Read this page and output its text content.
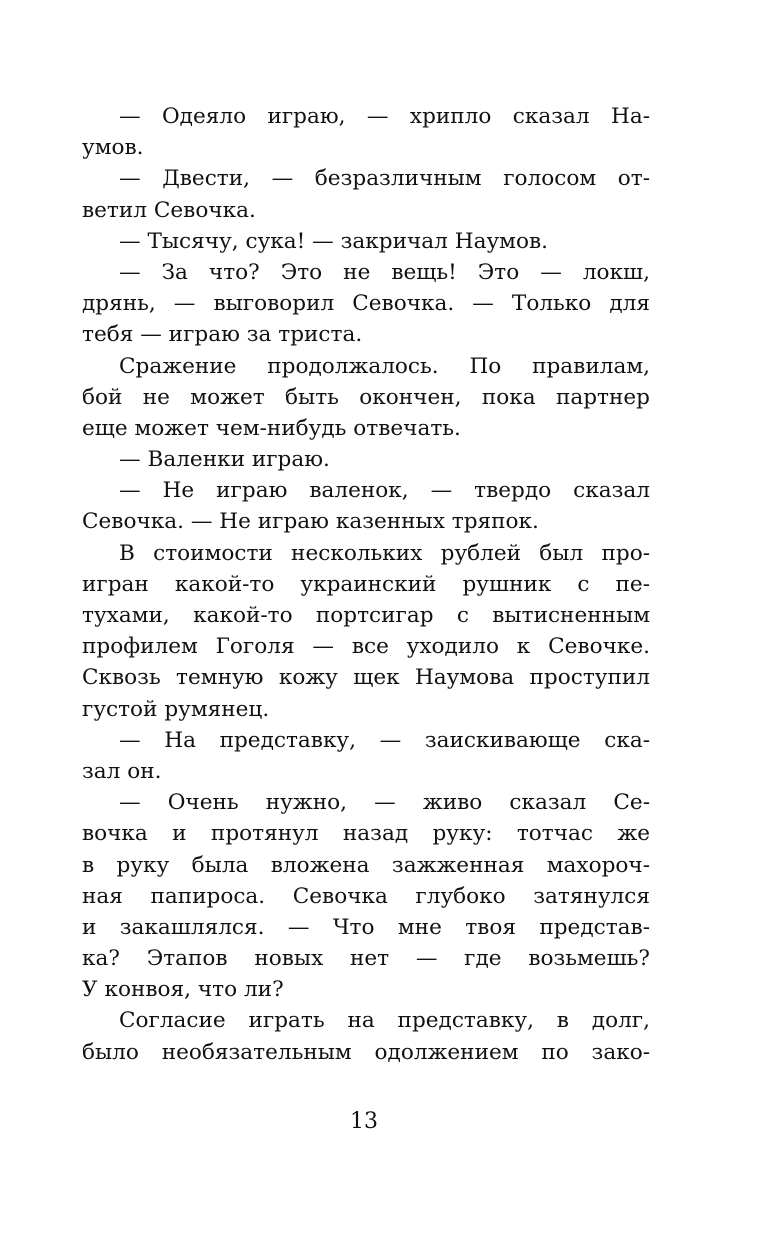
— Одеяло играю, — хрипло сказал На-
умов.
— Двести, — безразличным голосом от-
ветил Севочка.
— Тысячу, сука! — закричал Наумов.
— За что? Это не вещь! Это — локш,
дрянь, — выговорил Севочка. — Только для
тебя — играю за триста.
Сражение продолжалось. По правилам,
бой не может быть окончен, пока партнер
еще может чем-нибудь отвечать.
— Валенки играю.
— Не играю валенок, — твердо сказал
Севочка. — Не играю казенных тряпок.
В стоимости нескольких рублей был про-
игран какой-то украинский рушник с пе-
тухами, какой-то портсигар с вытисненным
профилем Гоголя — все уходило к Севочке.
Сквозь темную кожу щек Наумова проступил
густой румянец.
— На представку, — заискивающе ска-
зал он.
— Очень нужно, — живо сказал Се-
вочка и протянул назад руку: тотчас же
в руку была вложена зажженная махороч-
ная папироса. Севочка глубоко затянулся
и закашлялся. — Что мне твоя представ-
ка? Этапов новых нет — где возьмешь?
У конвоя, что ли?
Согласие играть на представку, в долг,
было необязательным одолжением по зако-
13
